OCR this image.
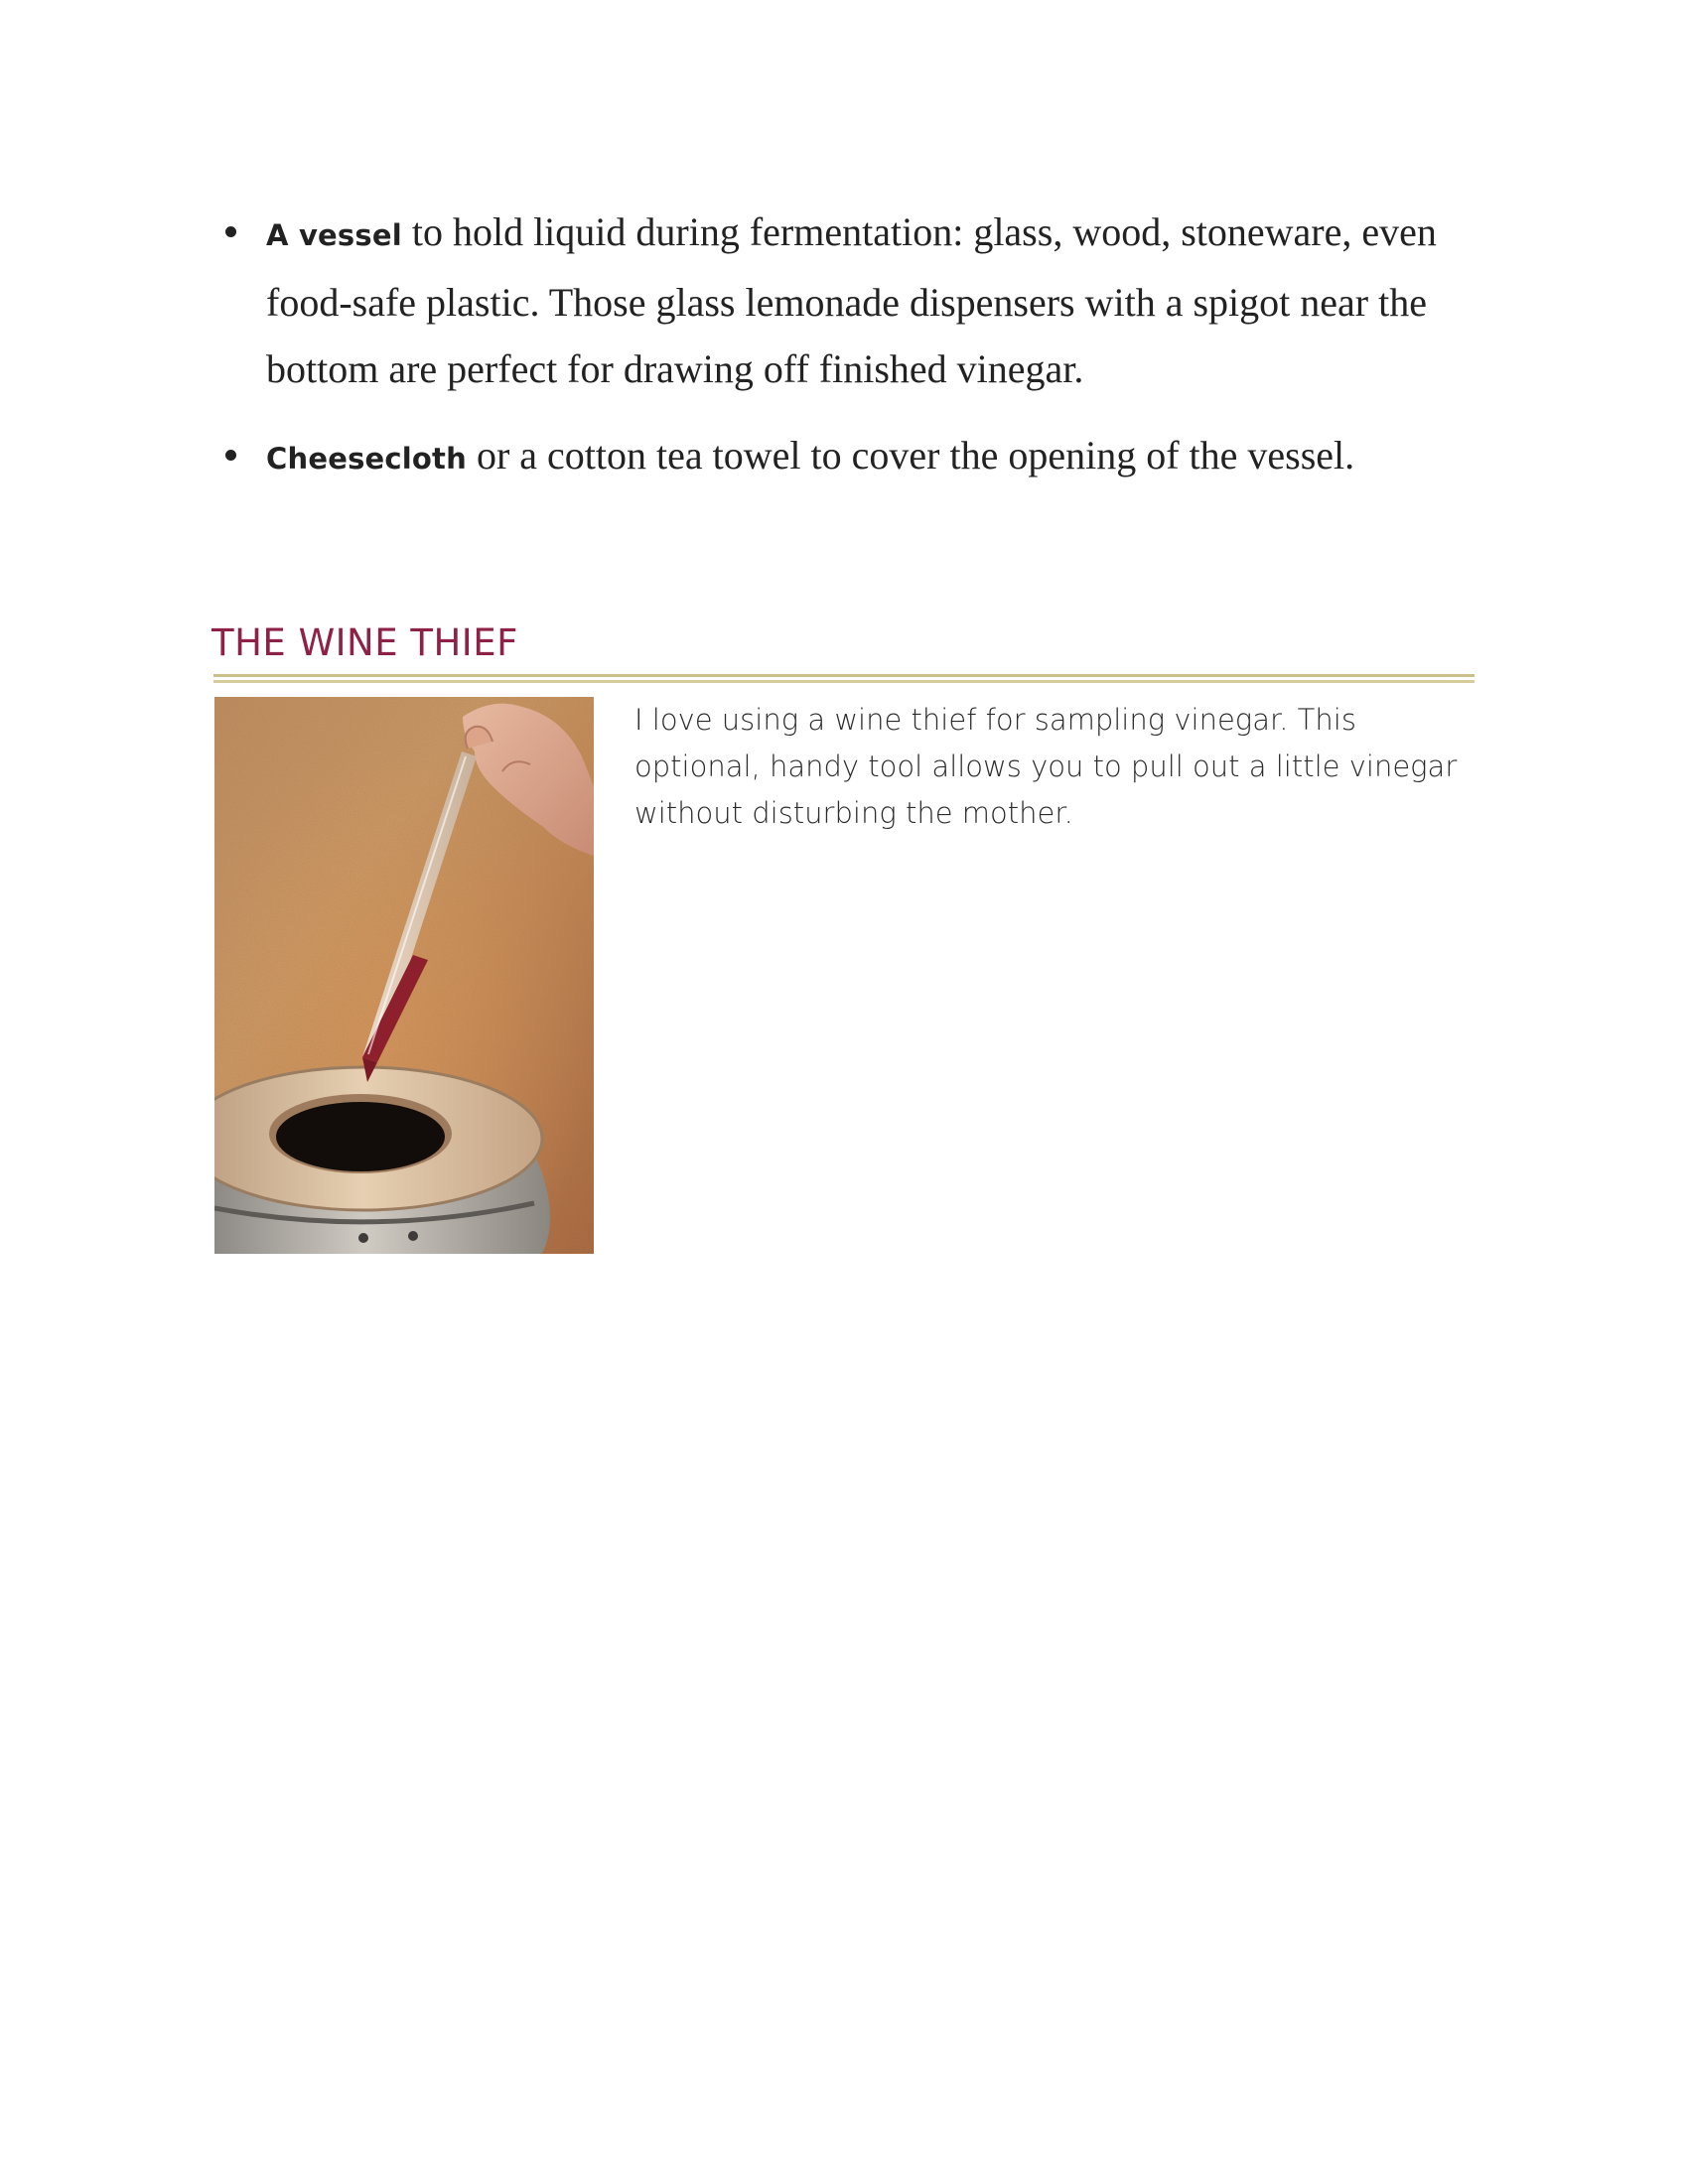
A vessel to hold liquid during fermentation: glass, wood, stoneware, even food-safe plastic. Those glass lemonade dispensers with a spigot near the bottom are perfect for drawing off finished vinegar.
Cheesecloth or a cotton tea towel to cover the opening of the vessel.
THE WINE THIEF

I love using a wine thief for sampling vinegar. This optional, handy tool allows you to pull out a little vinegar without disturbing the mother.
